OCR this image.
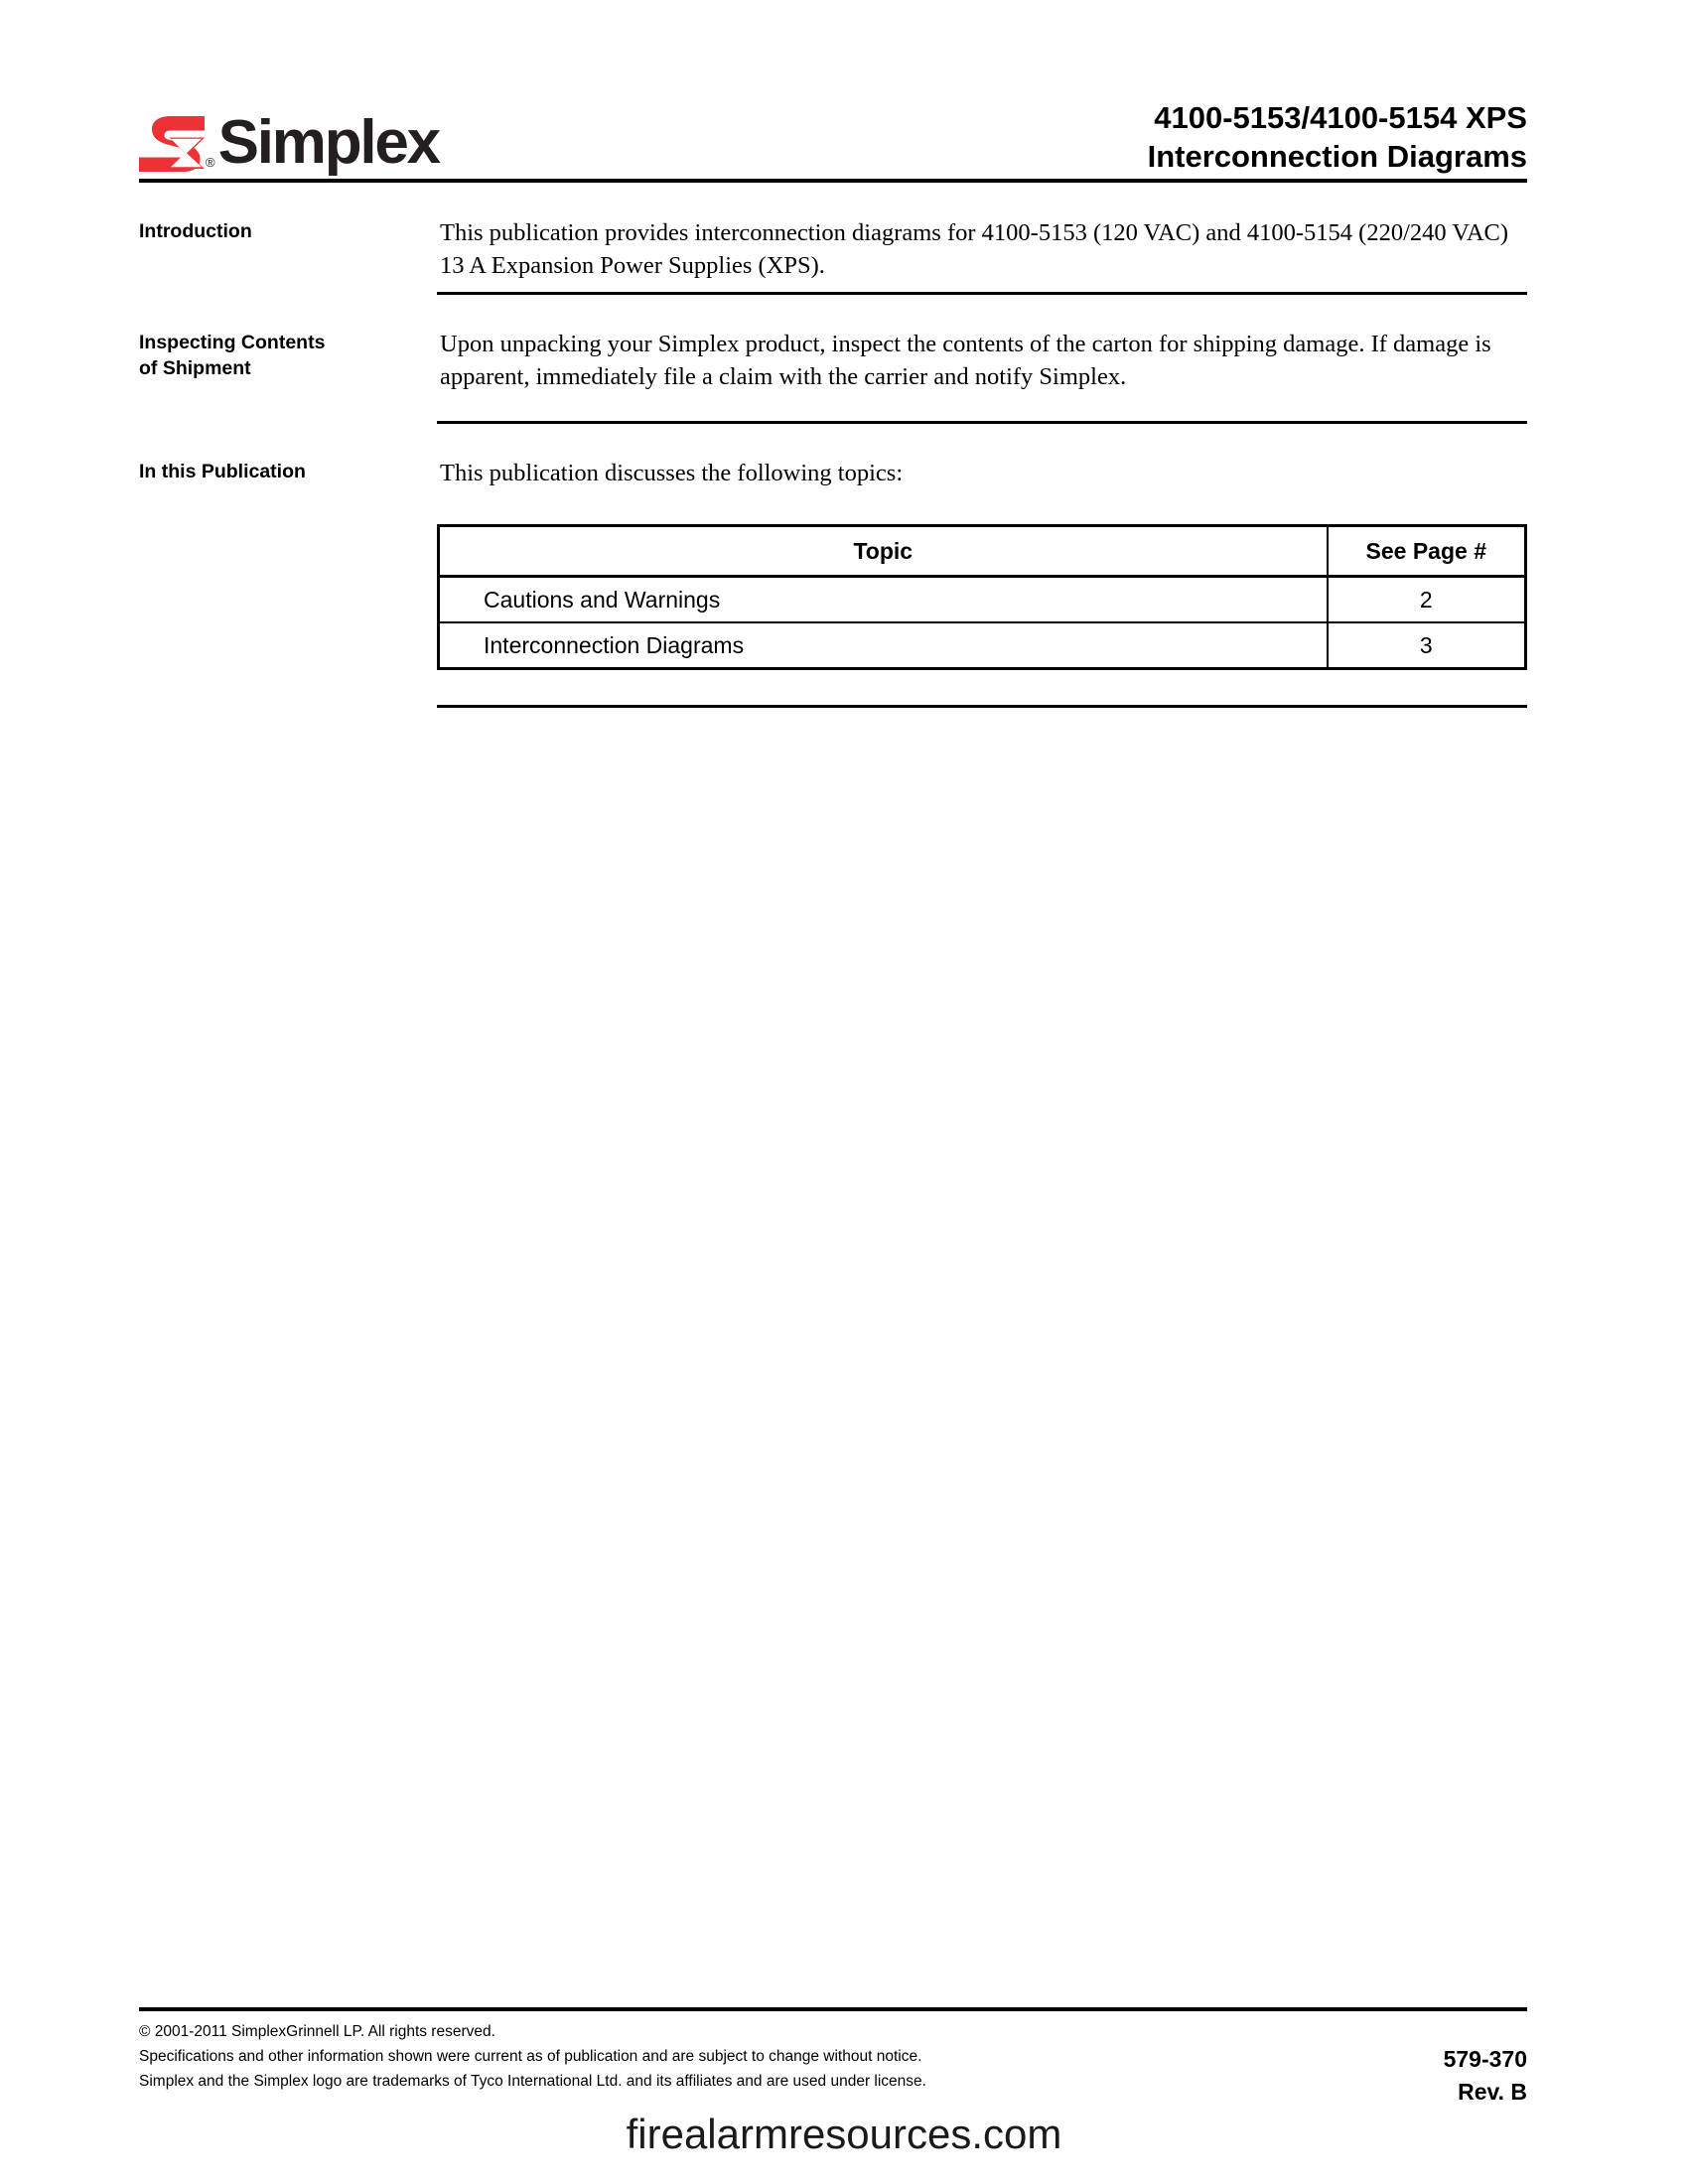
® Simplex	4100-5153/4100-5154 XPS
Interconnection Diagrams
Introduction	This publication provides interconnection diagrams for 4100-5153 (120 VAC) and 4100-5154 (220/240 VAC) 13 A Expansion Power Supplies (XPS).

Inspecting Contents
of Shipment

Upon unpacking your Simplex product, inspect the contents of the carton for shipping damage. If damage is apparent, immediately file a claim with the carrier and notify Simplex.

In this Publication	This publication discusses the following topics:

Topic	See Page #
Cautions and Warnings	2
Interconnection Diagrams	3
© 2001-2011 SimplexGrinnell LP. All rights reserved.
Specifications and other information shown were current as of publication and are subject to change without notice.
Simplex and the Simplex logo are trademarks of Tyco International Ltd. and its affiliates and are used under license.
579-370
Rev. B
firealarmresources.com
